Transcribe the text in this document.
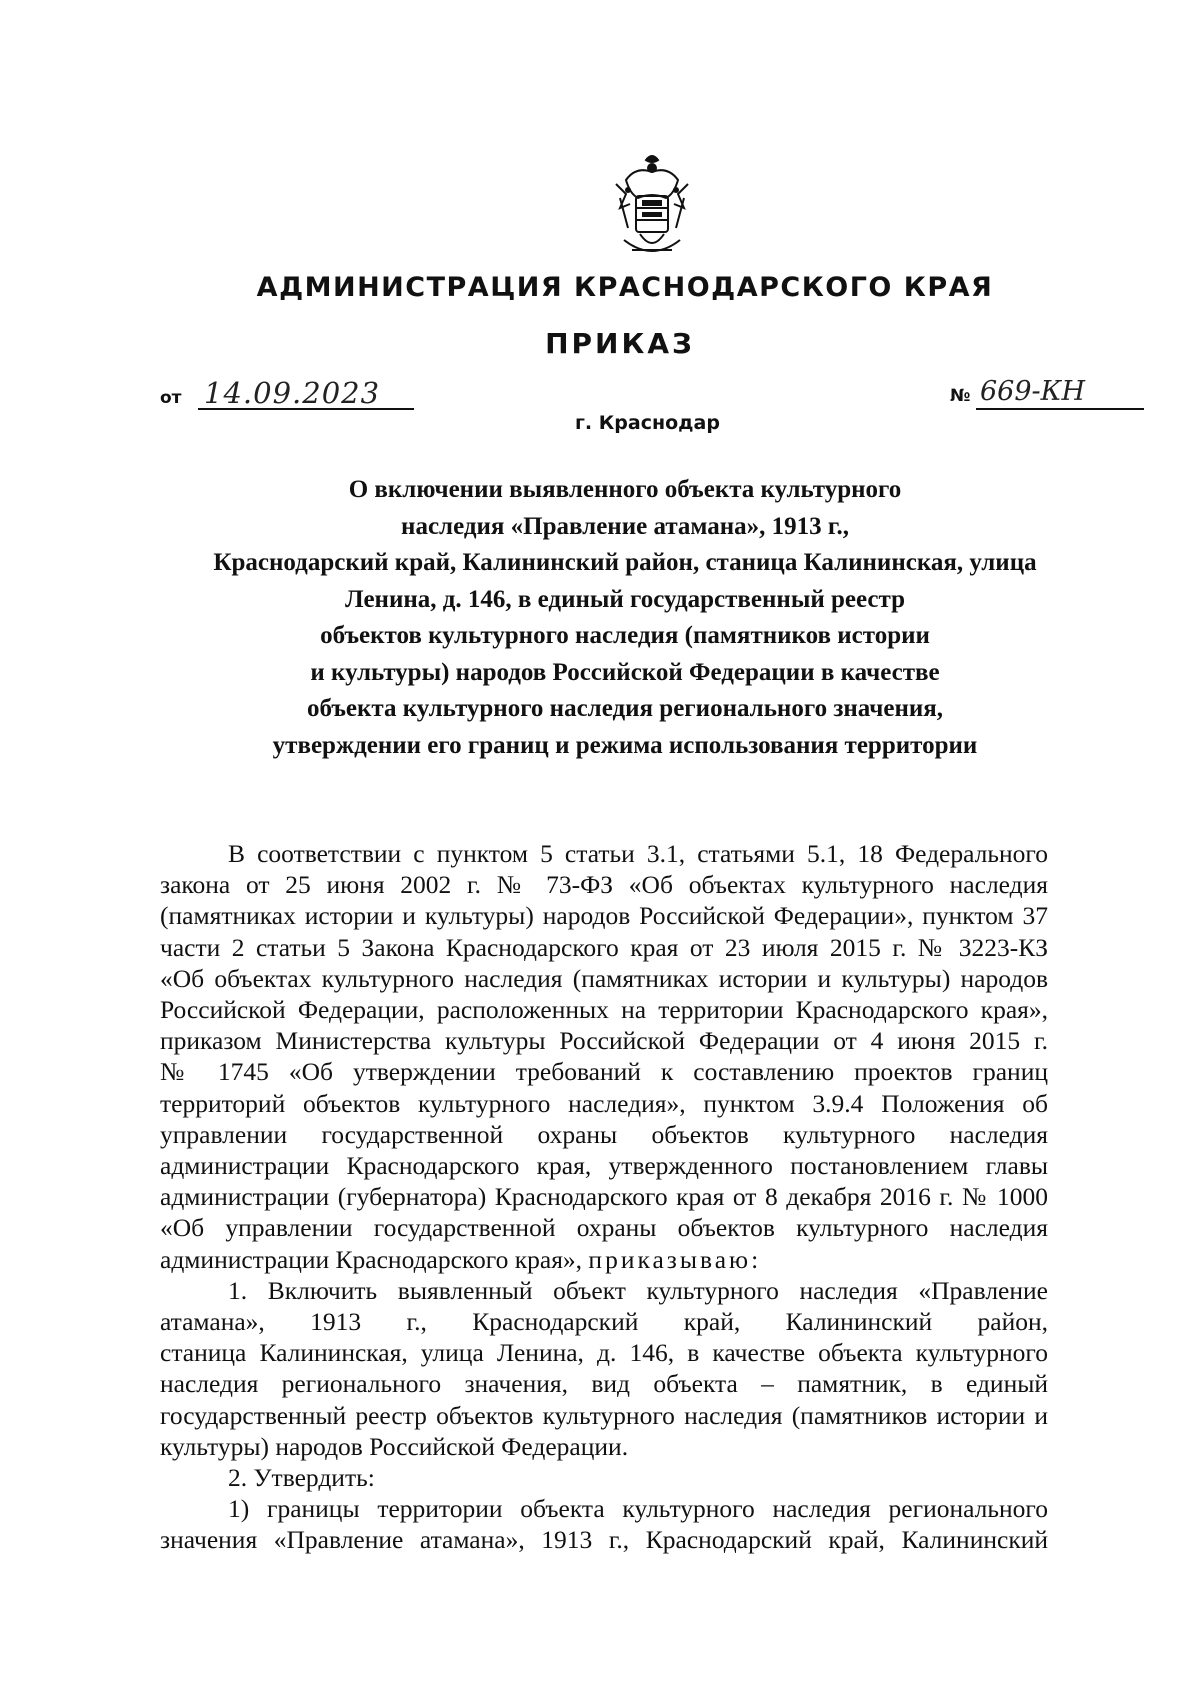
АДМИНИСТРАЦИЯ КРАСНОДАРСКОГО КРАЯ
ПРИКАЗ
от 14.09.2023
г. Краснодар
№ 669-КН
О включении выявленного объекта культурного
наследия «Правление атамана», 1913 г.,
Краснодарский край, Калининский район, станица Калининская, улица
Ленина, д. 146, в единый государственный реестр
объектов культурного наследия (памятников истории
и культуры) народов Российской Федерации в качестве
объекта культурного наследия регионального значения,
утверждении его границ и режима использования территории
В соответствии с пунктом 5 статьи 3.1, статьями 5.1, 18 Федерального
закона от 25 июня 2002 г. № 73-ФЗ «Об объектах культурного наследия
(памятниках истории и культуры) народов Российской Федерации», пунктом 37
части 2 статьи 5 Закона Краснодарского края от 23 июля 2015 г. № 3223-КЗ
«Об объектах культурного наследия (памятниках истории и культуры) народов
Российской Федерации, расположенных на территории Краснодарского края»,
приказом Министерства культуры Российской Федерации от 4 июня 2015 г.
№ 1745 «Об утверждении требований к составлению проектов границ
территорий объектов культурного наследия», пунктом 3.9.4 Положения об
управлении государственной охраны объектов культурного наследия
администрации Краснодарского края, утвержденного постановлением главы
администрации (губернатора) Краснодарского края от 8 декабря 2016 г. № 1000
«Об управлении государственной охраны объектов культурного наследия
администрации Краснодарского края», приказываю:
1. Включить выявленный объект культурного наследия «Правление
атамана», 1913 г., Краснодарский край, Калининский район,
станица Калининская, улица Ленина, д. 146, в качестве объекта культурного
наследия регионального значения, вид объекта – памятник, в единый
государственный реестр объектов культурного наследия (памятников истории и
культуры) народов Российской Федерации.
2. Утвердить:
1) границы территории объекта культурного наследия регионального
значения «Правление атамана», 1913 г., Краснодарский край, Калининский
